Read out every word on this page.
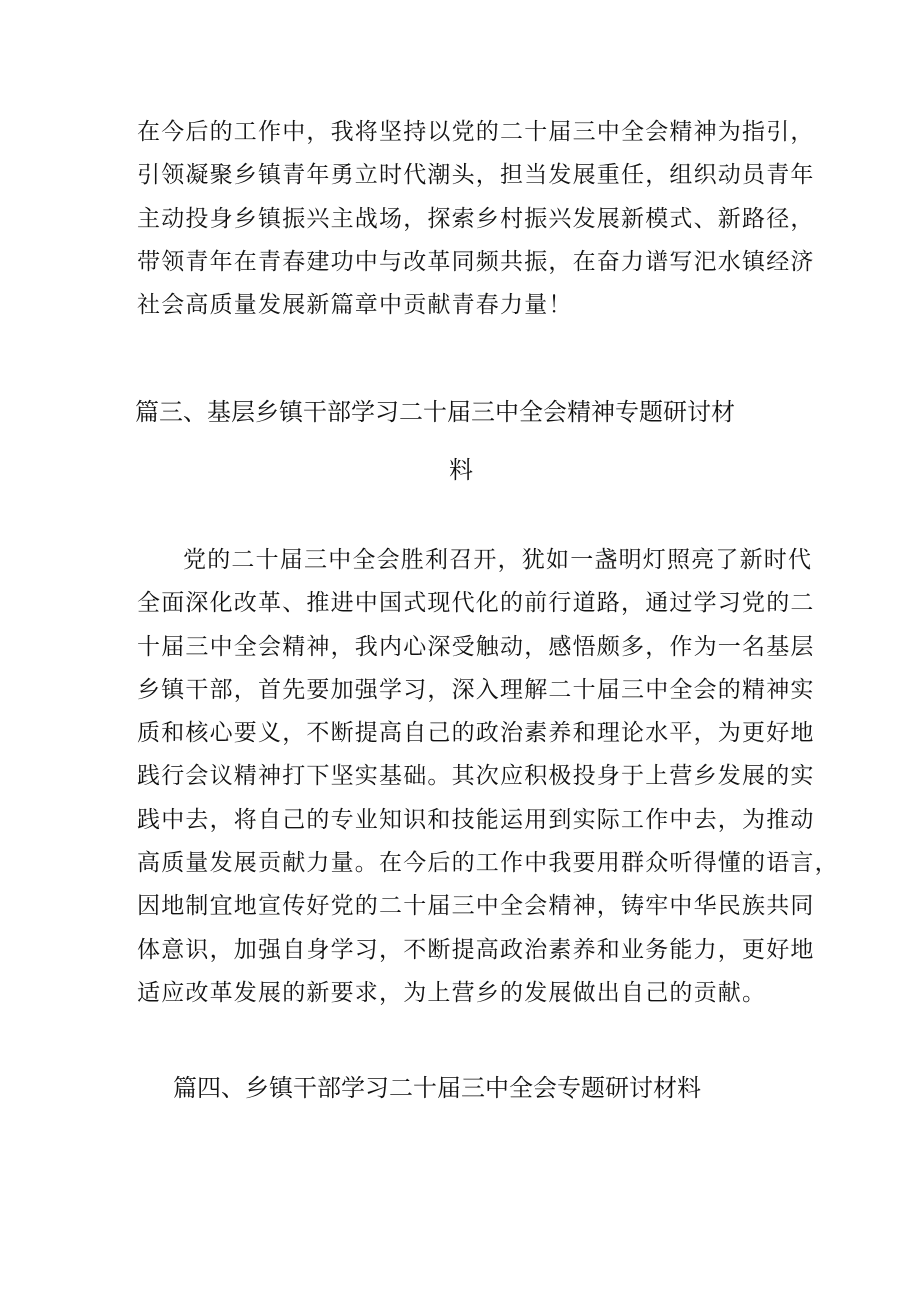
在今后的工作中，我将坚持以党的二十届三中全会精神为指引，
引领凝聚乡镇青年勇立时代潮头，担当发展重任，组织动员青年
主动投身乡镇振兴主战场，探索乡村振兴发展新模式、新路径，
带领青年在青春建功中与改革同频共振，在奋力谱写汜水镇经济
社会高质量发展新篇章中贡献青春力量！
篇三、基层乡镇干部学习二十届三中全会精神专题研讨材
料
党的二十届三中全会胜利召开，犹如一盏明灯照亮了新时代
全面深化改革、推进中国式现代化的前行道路，通过学习党的二
十届三中全会精神，我内心深受触动，感悟颇多，作为一名基层
乡镇干部，首先要加强学习，深入理解二十届三中全会的精神实
质和核心要义，不断提高自己的政治素养和理论水平，为更好地
践行会议精神打下坚实基础。其次应积极投身于上营乡发展的实
践中去，将自己的专业知识和技能运用到实际工作中去，为推动
高质量发展贡献力量。在今后的工作中我要用群众听得懂的语言，
因地制宜地宣传好党的二十届三中全会精神，铸牢中华民族共同
体意识，加强自身学习，不断提高政治素养和业务能力，更好地
适应改革发展的新要求，为上营乡的发展做出自己的贡献。
篇四、乡镇干部学习二十届三中全会专题研讨材料
